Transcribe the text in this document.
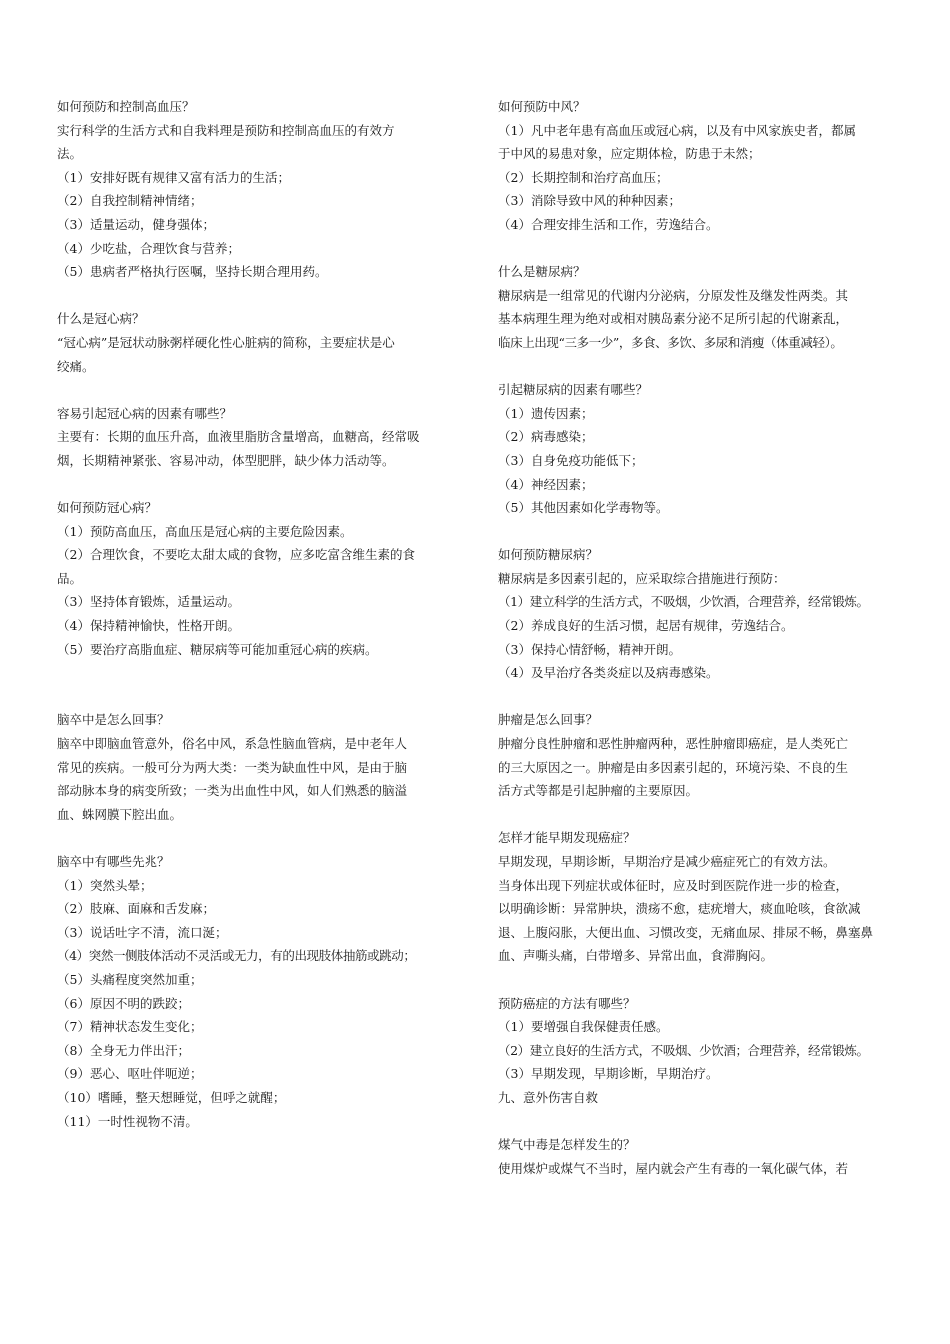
如何预防和控制高血压？
实行科学的生活方式和自我料理是预防和控制高血压的有效方
法。
（1）安排好既有规律又富有活力的生活；
（2）自我控制精神情绪；
（3）适量运动，健身强体；
（4）少吃盐，合理饮食与营养；
（5）患病者严格执行医嘱，坚持长期合理用药。
什么是冠心病？
“冠心病”是冠状动脉粥样硬化性心脏病的简称，主要症状是心
绞痛。
容易引起冠心病的因素有哪些？
主要有：长期的血压升高，血液里脂肪含量增高，血糖高，经常吸
烟，长期精神紧张、容易冲动，体型肥胖，缺少体力活动等。
如何预防冠心病？
（1）预防高血压，高血压是冠心病的主要危险因素。
（2）合理饮食，不要吃太甜太咸的食物，应多吃富含维生素的食
品。
（3）坚持体育锻炼，适量运动。
（4）保持精神愉快，性格开朗。
（5）要治疗高脂血症、糖尿病等可能加重冠心病的疾病。
脑卒中是怎么回事？
脑卒中即脑血管意外，俗名中风，系急性脑血管病，是中老年人
常见的疾病。一般可分为两大类：一类为缺血性中风，是由于脑
部动脉本身的病变所致；一类为出血性中风，如人们熟悉的脑溢
血、蛛网膜下腔出血。
脑卒中有哪些先兆？
（1）突然头晕；
（2）肢麻、面麻和舌发麻；
（3）说话吐字不清，流口涎；
（4）突然一侧肢体活动不灵活或无力，有的出现肢体抽筋或跳动；
（5）头痛程度突然加重；
（6）原因不明的跌跤；
（7）精神状态发生变化；
（8）全身无力伴出汗；
（9）恶心、呕吐伴呃逆；
（10）嗜睡，整天想睡觉，但呼之就醒；
（11）一时性视物不清。
如何预防中风？
（1）凡中老年患有高血压或冠心病，以及有中风家族史者，都属
于中风的易患对象，应定期体检，防患于未然；
（2）长期控制和治疗高血压；
（3）消除导致中风的种种因素；
（4）合理安排生活和工作，劳逸结合。
什么是糖尿病？
糖尿病是一组常见的代谢内分泌病，分原发性及继发性两类。其
基本病理生理为绝对或相对胰岛素分泌不足所引起的代谢紊乱，
临床上出现“三多一少”，多食、多饮、多尿和消瘦（体重减轻）。
引起糖尿病的因素有哪些？
（1）遗传因素；
（2）病毒感染；
（3）自身免疫功能低下；
（4）神经因素；
（5）其他因素如化学毒物等。
如何预防糖尿病？
糖尿病是多因素引起的，应采取综合措施进行预防：
（1）建立科学的生活方式，不吸烟，少饮酒，合理营养，经常锻炼。
（2）养成良好的生活习惯，起居有规律，劳逸结合。
（3）保持心情舒畅，精神开朗。
（4）及早治疗各类炎症以及病毒感染。
肿瘤是怎么回事？
肿瘤分良性肿瘤和恶性肿瘤两种，恶性肿瘤即癌症，是人类死亡
的三大原因之一。肿瘤是由多因素引起的，环境污染、不良的生
活方式等都是引起肿瘤的主要原因。
怎样才能早期发现癌症？
早期发现，早期诊断，早期治疗是减少癌症死亡的有效方法。
当身体出现下列症状或体征时，应及时到医院作进一步的检查，
以明确诊断：异常肿块，溃疡不愈，痣疣增大，痰血呛咳，食欲减
退、上腹闷胀，大便出血、习惯改变，无痛血尿、排尿不畅，鼻塞鼻
血、声嘶头痛，白带增多、异常出血，食滞胸闷。
预防癌症的方法有哪些？
（1）要增强自我保健责任感。
（2）建立良好的生活方式，不吸烟、少饮酒；合理营养，经常锻炼。
（3）早期发现，早期诊断，早期治疗。
九、意外伤害自救
煤气中毒是怎样发生的？
使用煤炉或煤气不当时，屋内就会产生有毒的一氧化碳气体，若
